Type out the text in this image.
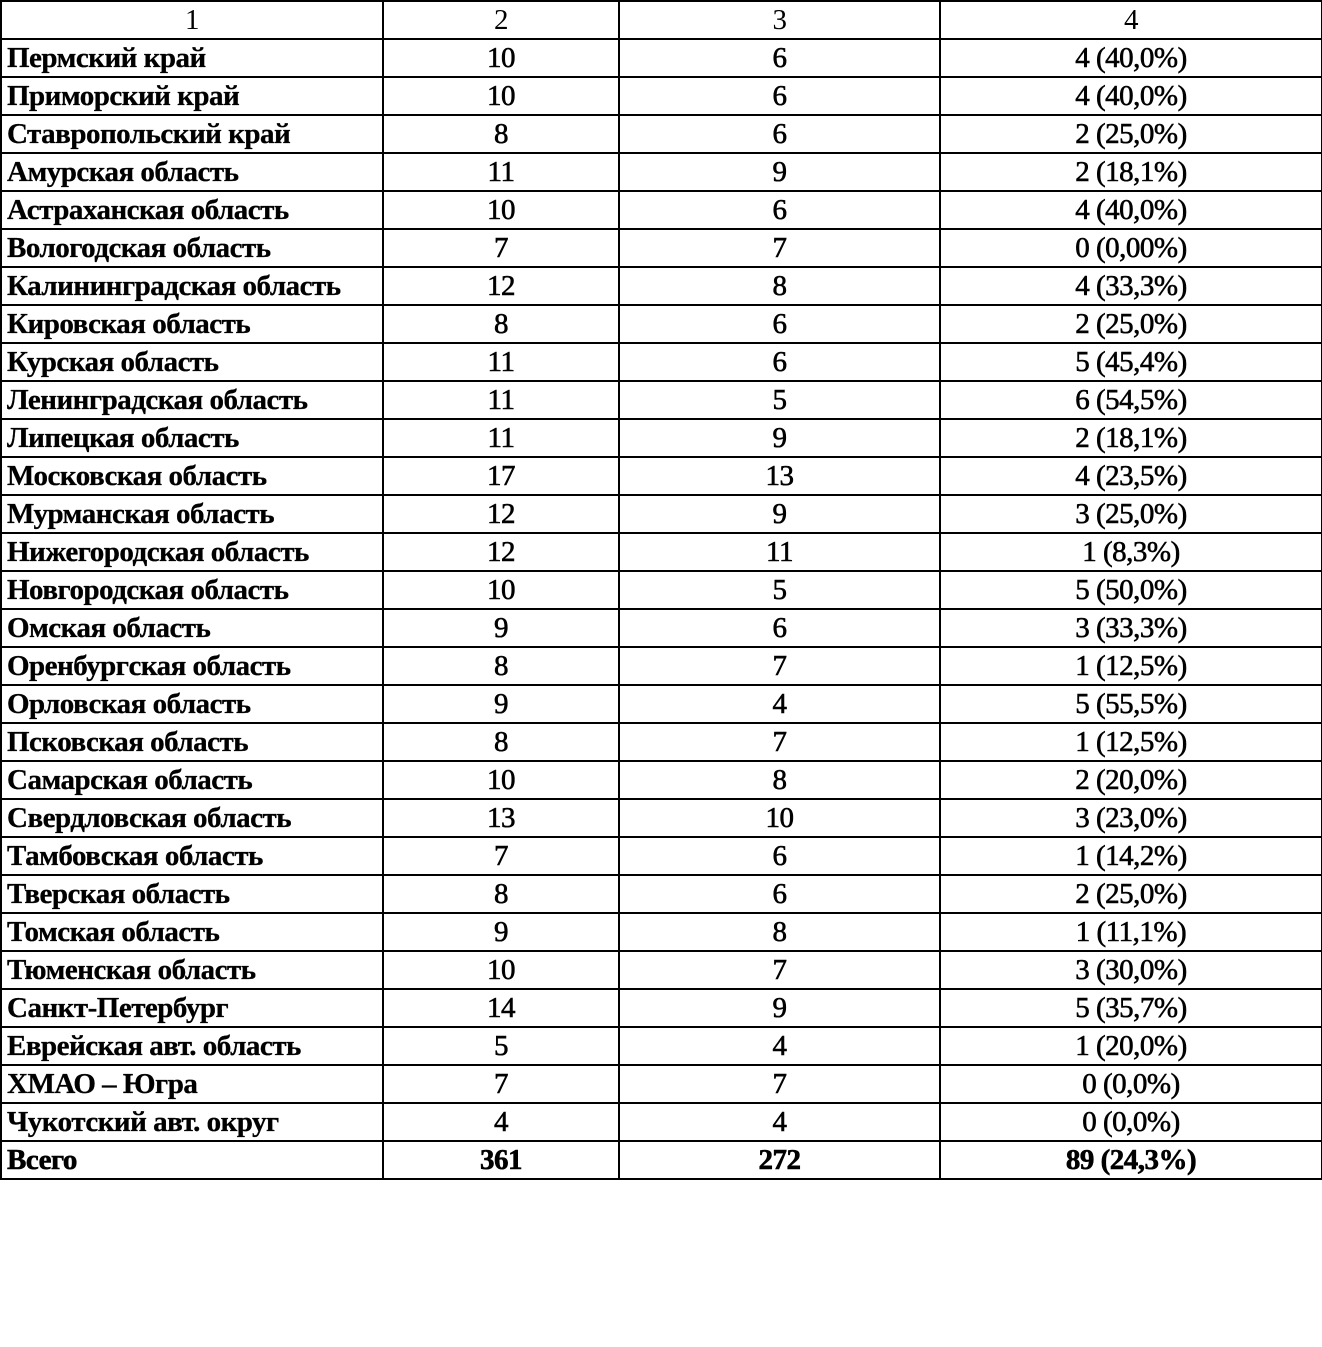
1	2	3	4
Пермский край	10	6	4 (40,0%)
Приморский край	10	6	4 (40,0%)
Ставропольский край	8	6	2 (25,0%)
Амурская область	11	9	2 (18,1%)
Астраханская область	10	6	4 (40,0%)
Вологодская область	7	7	0 (0,00%)
Калининградская область	12	8	4 (33,3%)
Кировская область	8	6	2 (25,0%)
Курская область	11	6	5 (45,4%)
Ленинградская область	11	5	6 (54,5%)
Липецкая область	11	9	2 (18,1%)
Московская область	17	13	4 (23,5%)
Мурманская область	12	9	3 (25,0%)
Нижегородская область	12	11	1 (8,3%)
Новгородская область	10	5	5 (50,0%)
Омская область	9	6	3 (33,3%)
Оренбургская область	8	7	1 (12,5%)
Орловская область	9	4	5 (55,5%)
Псковская область	8	7	1 (12,5%)
Самарская область	10	8	2 (20,0%)
Свердловская область	13	10	3 (23,0%)
Тамбовская область	7	6	1 (14,2%)
Тверская область	8	6	2 (25,0%)
Томская область	9	8	1 (11,1%)
Тюменская область	10	7	3 (30,0%)
Санкт-Петербург	14	9	5 (35,7%)
Еврейская авт. область	5	4	1 (20,0%)
ХМАО – Югра	7	7	0 (0,0%)
Чукотский авт. округ	4	4	0 (0,0%)
Всего	361	272	89 (24,3%)
